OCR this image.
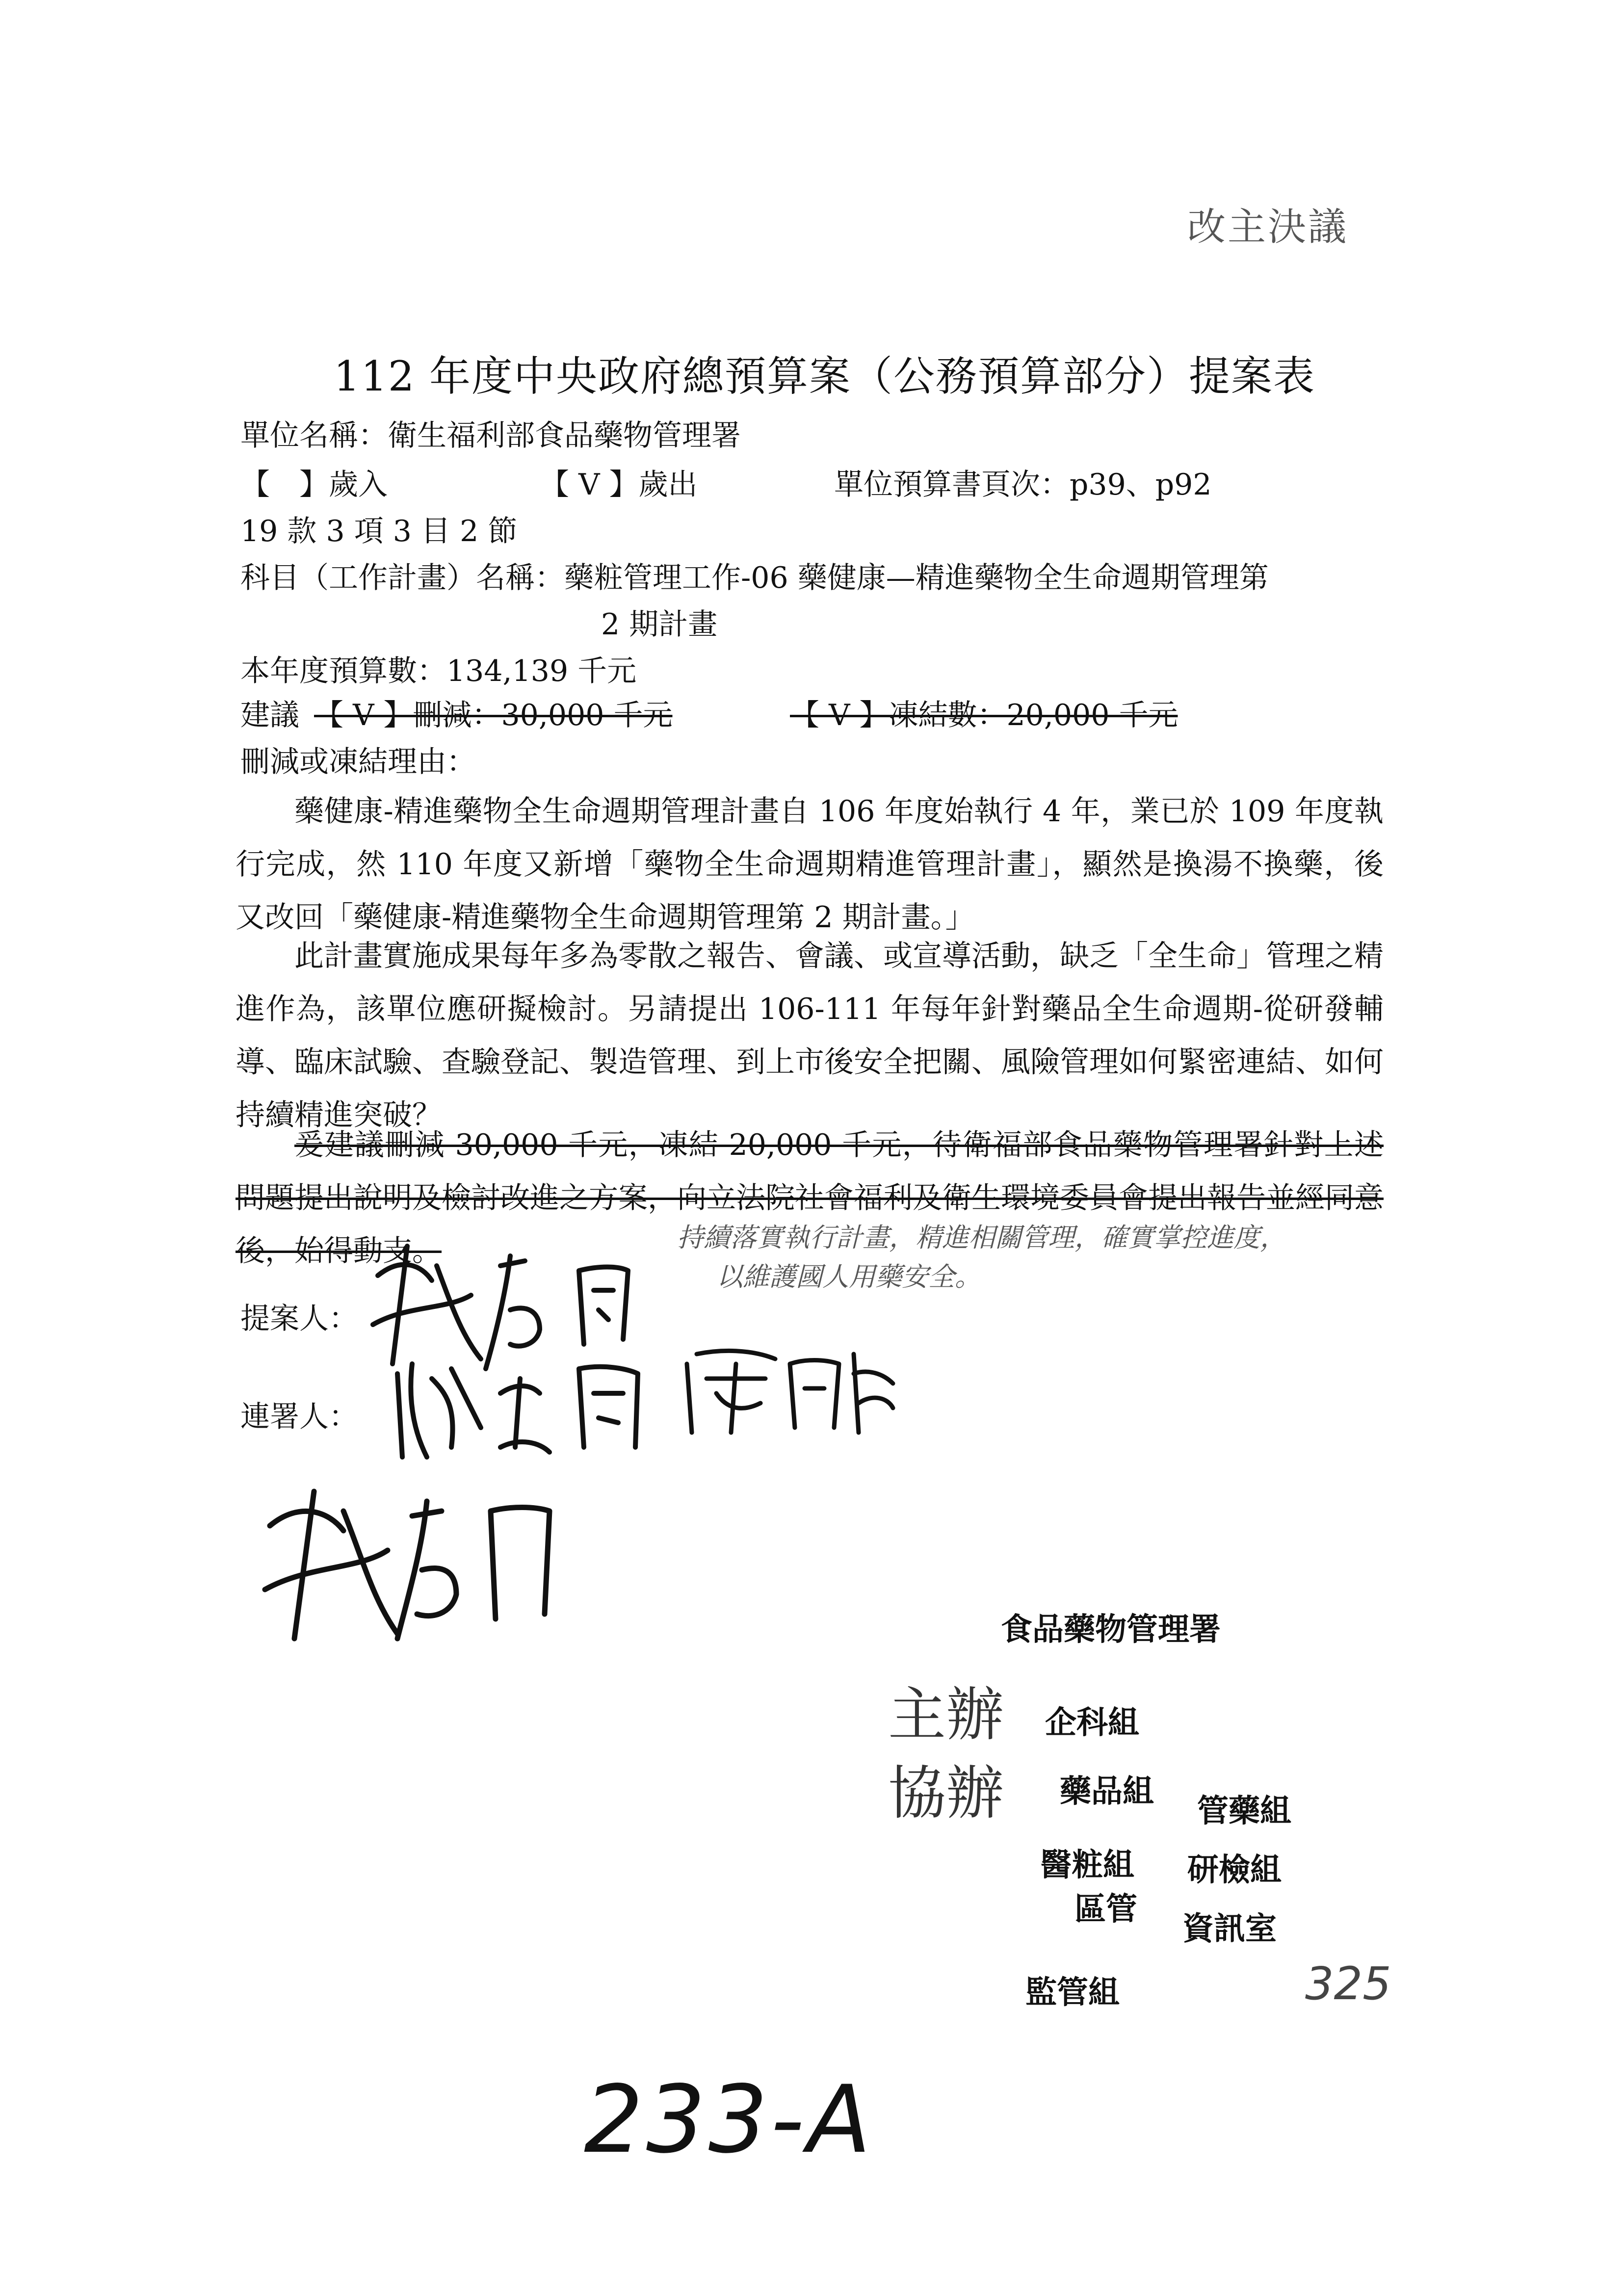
改主決議
112 年度中央政府總預算案（公務預算部分）提案表
單位名稱：衛生福利部食品藥物管理署
【　】歲入	【 V 】歲出	單位預算書頁次：p39、p92
19 款 3 項 3 目 2 節
科目（工作計畫）名稱：藥粧管理工作-06 藥健康—精進藥物全生命週期管理第
2 期計畫
本年度預算數：134,139 千元
建議 【 V 】刪減：30,000 千元	【 V 】凍結數：20,000 千元
刪減或凍結理由：
藥健康-精進藥物全生命週期管理計畫自 106 年度始執行 4 年，業已於 109 年度執行完成，然 110 年度又新增「藥物全生命週期精進管理計畫」，顯然是換湯不換藥，後又改回「藥健康-精進藥物全生命週期管理第 2 期計畫。」
此計畫實施成果每年多為零散之報告、會議、或宣導活動，缺乏「全生命」管理之精進作為，該單位應研擬檢討。另請提出 106-111 年每年針對藥品全生命週期-從研發輔導、臨床試驗、查驗登記、製造管理、到上市後安全把關、風險管理如何緊密連結、如何持續精進突破？
爰建議刪減 30,000 千元，凍結 20,000 千元，待衛福部食品藥物管理署針對上述問題提出說明及檢討改進之方案，向立法院社會福利及衛生環境委員會提出報告並經同意後，始得動支。	持續落實執行計畫，精進相關管理，確實掌控進度，
以維護國人用藥安全。
提案人：
連署人：
食品藥物管理署
主辦 企科組
協辦 藥品組
管藥組
醫粧組 研檢組
區管
資訊室
監管組	325
233-A
